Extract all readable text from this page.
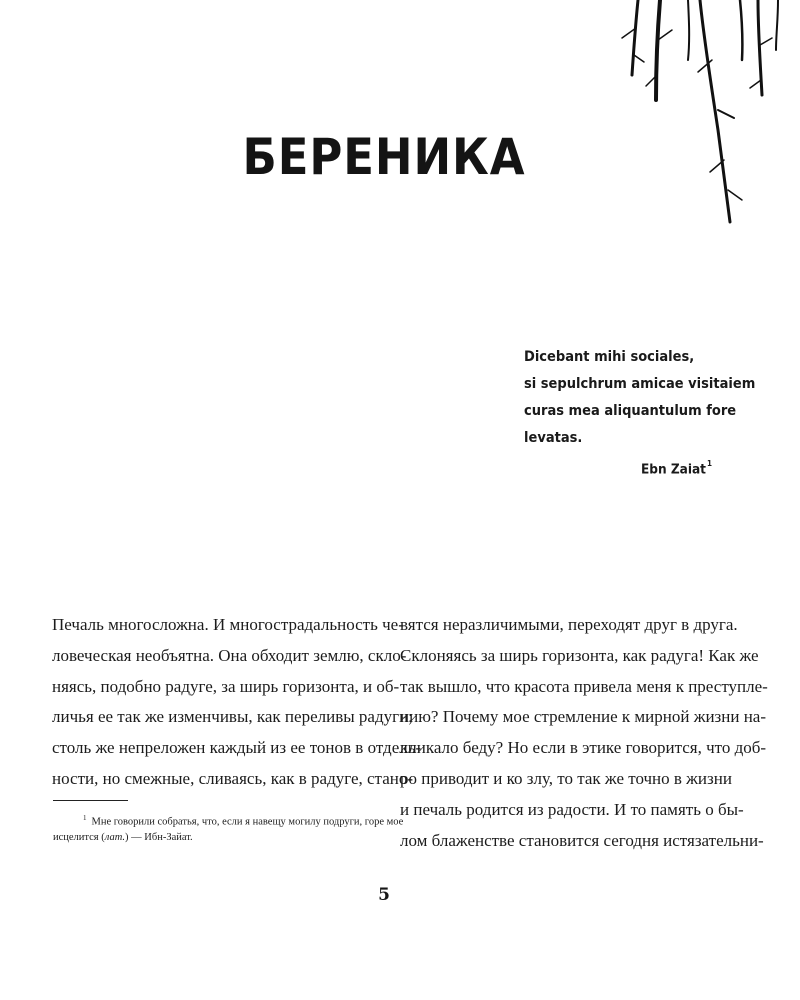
БЕРЕНИКА
Dicebant mihi sociales,
si sepulchrum amicae visitaiem
curas mea aliquantulum fore
levatas.
Ebn Zaiat$^1$
Печаль многосложна. И многострадальность че-
ловеческая необъятна. Она обходит землю, скло-
няясь, подобно радуге, за ширь горизонта, и об-
личья ее так же изменчивы, как переливы радуги;
столь же непреложен каждый из ее тонов в отдель-
ности, но смежные, сливаясь, как в радуге, стано-
$^1$ Мне говорили собратья, что, если я навещу могилу подруги, горе мое
исцелится (лат.) — Ибн-Зайат.
вятся неразличимыми, переходят друг в друга.
Склоняясь за ширь горизонта, как радуга! Как же
так вышло, что красота привела меня к преступле-
нию? Почему мое стремление к мирной жизни на-
кликало беду? Но если в этике говорится, что доб-
ро приводит и ко злу, то так же точно в жизни
и печаль родится из радости. И то память о бы-
лом блаженстве становится сегодня истязательни-
5
